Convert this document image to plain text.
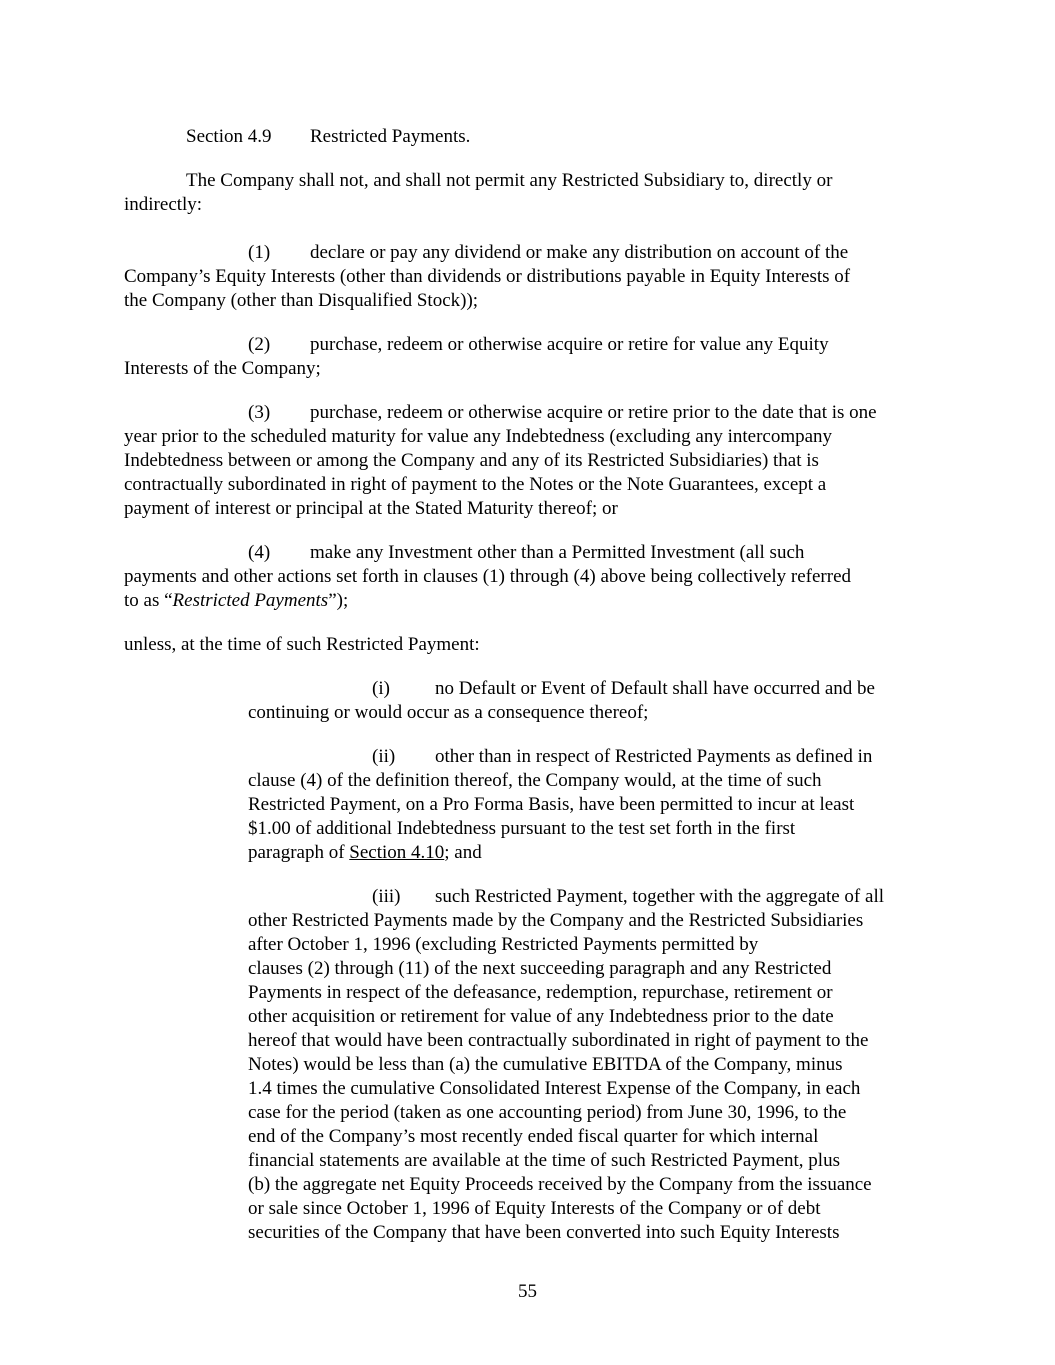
Section 4.9 Restricted Payments.
The Company shall not, and shall not permit any Restricted Subsidiary to, directly or
indirectly:
(1) declare or pay any dividend or make any distribution on account of the
Company’s Equity Interests (other than dividends or distributions payable in Equity Interests of
the Company (other than Disqualified Stock));
(2) purchase, redeem or otherwise acquire or retire for value any Equity
Interests of the Company;
(3) purchase, redeem or otherwise acquire or retire prior to the date that is one
year prior to the scheduled maturity for value any Indebtedness (excluding any intercompany
Indebtedness between or among the Company and any of its Restricted Subsidiaries) that is
contractually subordinated in right of payment to the Notes or the Note Guarantees, except a
payment of interest or principal at the Stated Maturity thereof; or
(4) make any Investment other than a Permitted Investment (all such
payments and other actions set forth in clauses (1) through (4) above being collectively referred
to as “Restricted Payments”);
unless, at the time of such Restricted Payment:
(i) no Default or Event of Default shall have occurred and be
continuing or would occur as a consequence thereof;
(ii) other than in respect of Restricted Payments as defined in
clause (4) of the definition thereof, the Company would, at the time of such
Restricted Payment, on a Pro Forma Basis, have been permitted to incur at least
$1.00 of additional Indebtedness pursuant to the test set forth in the first
paragraph of Section 4.10; and
(iii) such Restricted Payment, together with the aggregate of all
other Restricted Payments made by the Company and the Restricted Subsidiaries
after October 1, 1996 (excluding Restricted Payments permitted by
clauses (2) through (11) of the next succeeding paragraph and any Restricted
Payments in respect of the defeasance, redemption, repurchase, retirement or
other acquisition or retirement for value of any Indebtedness prior to the date
hereof that would have been contractually subordinated in right of payment to the
Notes) would be less than (a) the cumulative EBITDA of the Company, minus
1.4 times the cumulative Consolidated Interest Expense of the Company, in each
case for the period (taken as one accounting period) from June 30, 1996, to the
end of the Company’s most recently ended fiscal quarter for which internal
financial statements are available at the time of such Restricted Payment, plus
(b) the aggregate net Equity Proceeds received by the Company from the issuance
or sale since October 1, 1996 of Equity Interests of the Company or of debt
securities of the Company that have been converted into such Equity Interests
55
